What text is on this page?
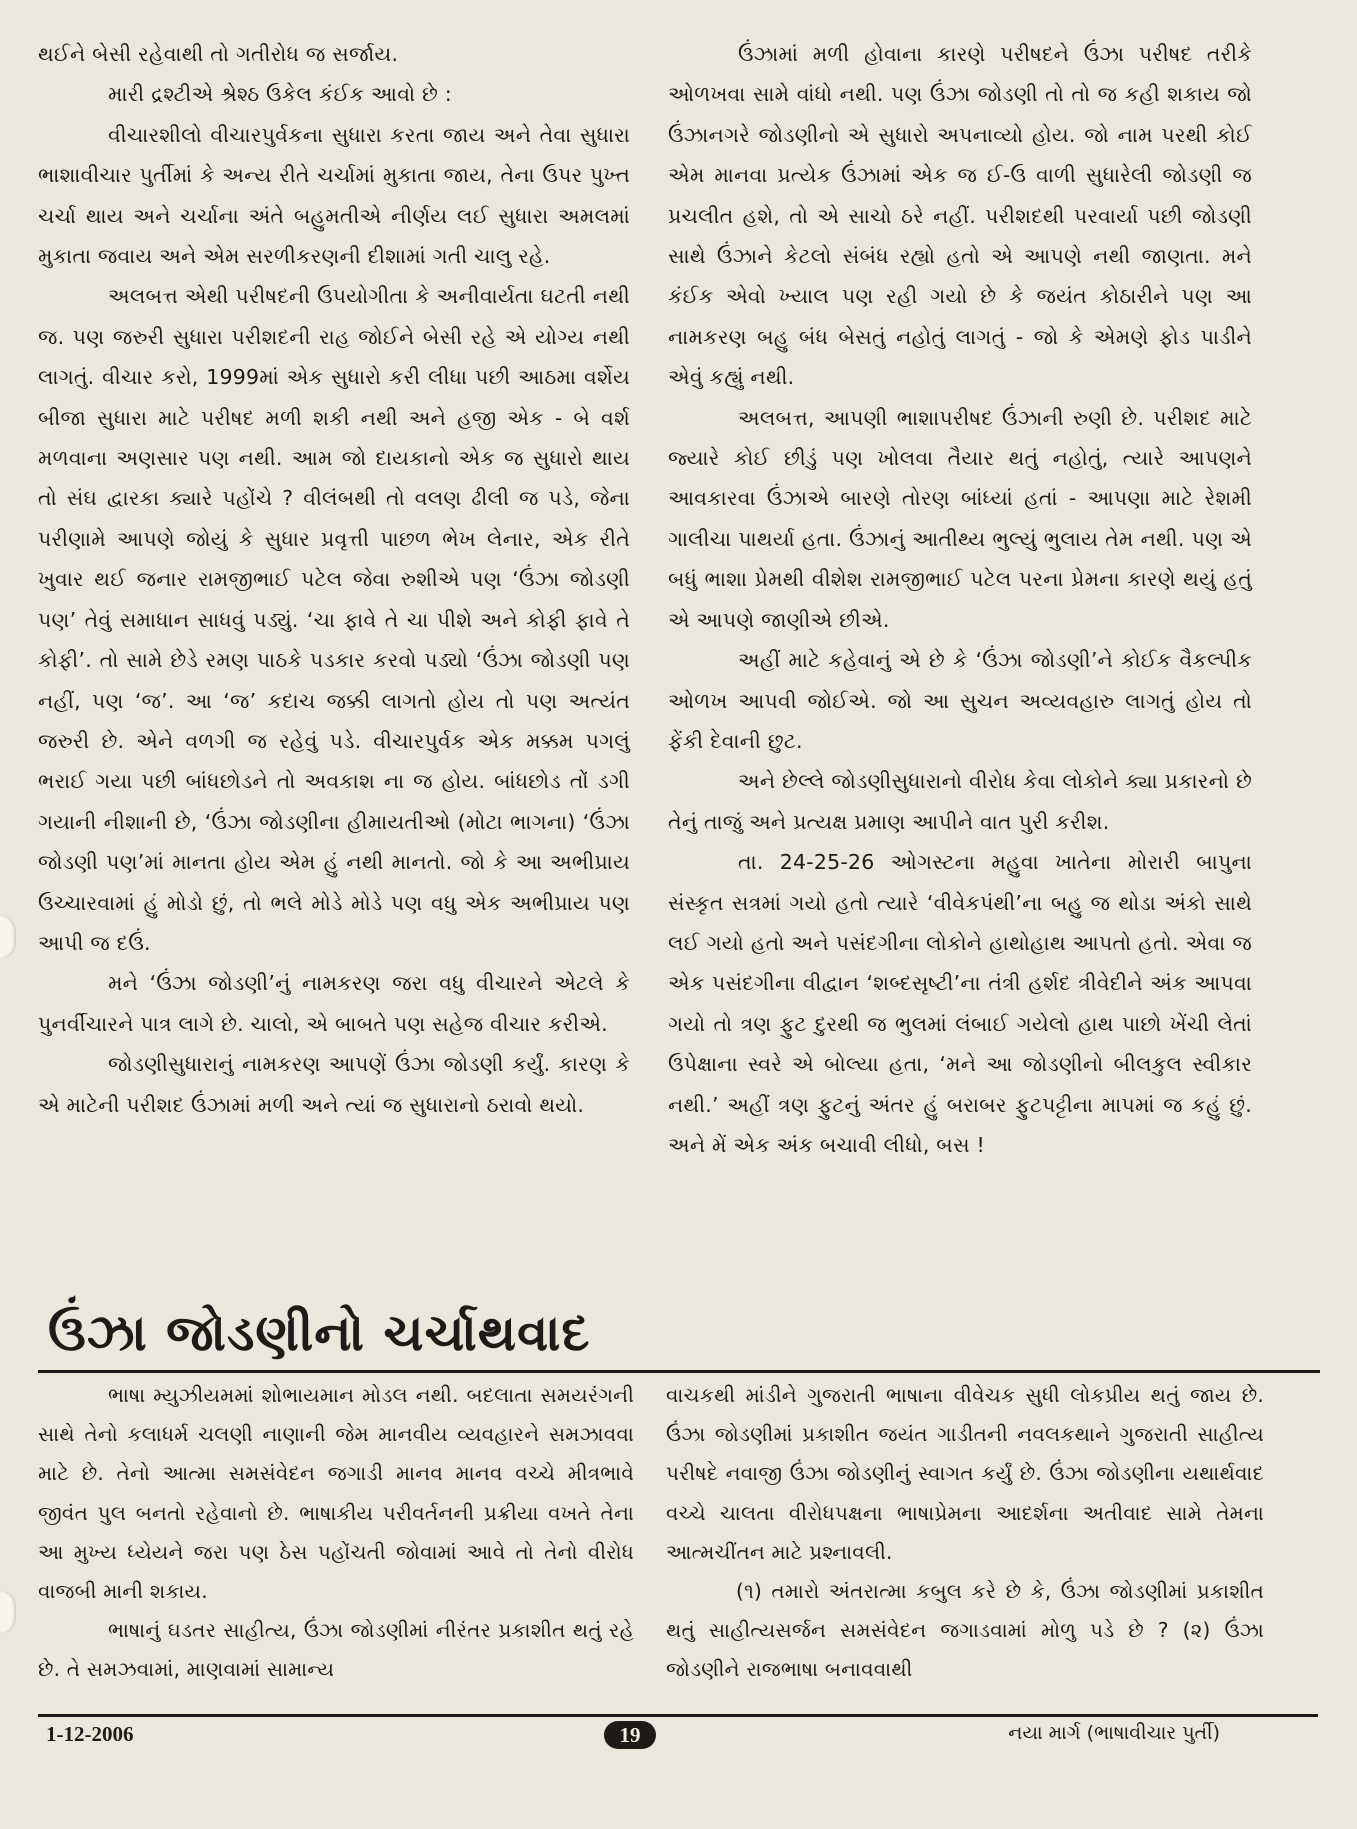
થઈને બેસી રહેવાથી તો ગતીરોધ જ સર્જાય.

મારી દ્રશ્ટીએ શ્રેશ્ઠ ઉકેલ કંઈક આવો છે :

વીચારશીલો વીચારપુર્વકના સુધારા કરતા જાય અને તેવા સુધારા ભાશાવીચાર પુર્તીમાં કે અન્ય રીતે ચર્ચામાં મુકાતા જાય, તેના ઉપર પુખ્ત ચર્ચા થાય અને ચર્ચાના અંતે બહુમતીએ નીર્ણય લઈ સુધારા અમલમાં મુકાતા જવાય અને એમ સરળીકરણની દીશામાં ગતી ચાલુ રહે.

અલબત્ત એથી પરીષદની ઉપયોગીતા કે અનીવાર્યતા ઘટતી નથી જ. પણ જરુરી સુધારા પરીશદની રાહ જોઈને બેસી રહે એ યોગ્ય નથી લાગતું. વીચાર કરો, 1999માં એક સુધારો કરી લીધા પછી આઠમા વર્શેય બીજા સુધારા માટે પરીષદ મળી શકી નથી અને હજી એક - બે વર્શ મળવાના અણસાર પણ નથી. આમ જો દાયકાનો એક જ સુધારો થાય તો સંઘ દ્વારકા ક્યારે પહોંચે ? વીલંબથી તો વલણ ઢીલી જ પડે, જેના પરીણામે આપણે જોયું કે સુધાર પ્રવૃત્તી પાછળ ભેખ લેનાર, એક રીતે ખુવાર થઈ જનાર રામજીભાઈ પટેલ જેવા રુશીએ પણ ‘ઉંઝા જોડણી પણ’ તેવું સમાધાન સાધવું પડ્યું. ‘ચા ફાવે તે ચા પીશે અને કોફી ફાવે તે કોફી’. તો સામે છેડે રમણ પાઠકે પડકાર કરવો પડ્યો ‘ઉંઝા જોડણી પણ નહીં, પણ ‘જ’. આ ‘જ’ કદાચ જક્કી લાગતો હોય તો પણ અત્યંત જરુરી છે. એને વળગી જ રહેવું પડે. વીચારપુર્વક એક મક્કમ પગલું ભરાઈ ગયા પછી બાંધછોડને તો અવકાશ ના જ હોય. બાંધછોડ તોં ડગી ગયાની નીશાની છે, ‘ઉંઝા જોડણીના હીમાયતીઓ (મોટા ભાગના) ‘ઉંઝા જોડણી પણ’માં માનતા હોય એમ હું નથી માનતો. જો કે આ અભીપ્રાય ઉચ્ચારવામાં હું મોડો છું, તો ભલે મોડે મોડે પણ વધુ એક અભીપ્રાય પણ આપી જ દઉં.

મને ‘ઉંઝા જોડણી’નું નામકરણ જરા વધુ વીચારને એટલે કે પુનર્વીચારને પાત્ર લાગે છે. ચાલો, એ બાબતે પણ સહેજ વીચાર કરીએ.

જોડણીસુધારાનું નામકરણ આપણેં ઉંઝા જોડણી કર્યું. કારણ કે એ માટેની પરીશદ ઉંઝામાં મળી અને ત્યાં જ સુધારાનો ઠરાવો થયો.

ઉંઝામાં મળી હોવાના કારણે પરીષદને ઉંઝા પરીષદ તરીકે ઓળખવા સામે વાંધો નથી. પણ ઉંઝા જોડણી તો તો જ કહી શકાય જો ઉંઝાનગરે જોડણીનો એ સુધારો અપનાવ્યો હોય. જો નામ પરથી કોઈ એમ માનવા પ્રત્યેક ઉંઝામાં એક જ ઈ-ઉ વાળી સુધારેલી જોડણી જ પ્રચલીત હશે, તો એ સાચો ઠરે નહીં. પરીશદથી પરવાર્યા પછી જોડણી સાથે ઉંઝાને કેટલો સંબંધ રહ્યો હતો એ આપણે નથી જાણતા. મને કંઈક એવો ખ્યાલ પણ રહી ગયો છે કે જયંત કોઠારીને પણ આ નામકરણ બહુ બંધ બેસતું નહોતું લાગતું - જો કે એમણે ફોડ પાડીને એવું કહ્યું નથી.

અલબત્ત, આપણી ભાશાપરીષદ ઉંઝાની રુણી છે. પરીશદ માટે જ્યારે કોઈ છીડું પણ ખોલવા તૈયાર થતું નહોતું, ત્યારે આપણને આવકારવા ઉંઝાએ બારણે તોરણ બાંધ્યાં હતાં - આપણા માટે રેશમી ગાલીચા પાથર્યા હતા. ઉંઝાનું આતીથ્ય ભુલ્યું ભુલાય તેમ નથી. પણ એ બધું ભાશા પ્રેમથી વીશેશ રામજીભાઈ પટેલ પરના પ્રેમના કારણે થયું હતું એ આપણે જાણીએ છીએ.

અહીં માટે કહેવાનું એ છે કે ‘ઉંઝા જોડણી’ને કોઈક વૈકલ્પીક ઓળખ આપવી જોઈએ. જો આ સુચન અવ્યવહારુ લાગતું હોય તો ફેંકી દેવાની છુટ.

અને છેલ્લે જોડણીસુધારાનો વીરોધ કેવા લોકોને ક્યા પ્રકારનો છે તેનું તાજું અને પ્રત્યક્ષ પ્રમાણ આપીને વાત પુરી કરીશ.

તા. 24-25-26 ઓગસ્ટના મહુવા ખાતેના મોરારી બાપુના સંસ્કૃત સત્રમાં ગયો હતો ત્યારે ‘વીવેકપંથી’ના બહુ જ થોડા અંકો સાથે લઈ ગયો હતો અને પસંદગીના લોકોને હાથોહાથ આપતો હતો. એવા જ એક પસંદગીના વીદ્વાન ‘શબ્દસૃષ્ટી’ના તંત્રી હર્શદ ત્રીવેદીને અંક આપવા ગયો તો ત્રણ ફુટ દુરથી જ ભુલમાં લંબાઈ ગયેલો હાથ પાછો ખેંચી લેતાં ઉપેક્ષાના સ્વરે એ બોલ્યા હતા, ‘મને આ જોડણીનો બીલકુલ સ્વીકાર નથી.’ અહીં ત્રણ ફુટનું અંતર હું બરાબર ફુટપટ્ટીના માપમાં જ કહું છું. અને મેં એક અંક બચાવી લીધો, બસ !

ઉંઝા જોડણીનો ચર્ચાથવાદ

ભાષા મ્યુઝીયમમાં શોભાયમાન મોડલ નથી. બદલાતા સમયરંગની સાથે તેનો કલાધર્મ ચલણી નાણાની જેમ માનવીય વ્યવહારને સમઝાવવા માટે છે. તેનો આત્મા સમસંવેદન જગાડી માનવ માનવ વચ્ચે મીત્રભાવે જીવંત પુલ બનતો રહેવાનો છે. ભાષાકીય પરીવર્તનની પ્રક્રીયા વખતે તેના આ મુખ્ય ધ્યેયને જરા પણ ઠેસ પહોંચતી જોવામાં આવે તો તેનો વીરોધ વાજબી માની શકાય.

ભાષાનું ઘડતર સાહીત્ય, ઉંઝા જોડણીમાં નીરંતર પ્રકાશીત થતું રહે છે. તે સમઝવામાં, માણવામાં સામાન્ય

વાચકથી માંડીને ગુજરાતી ભાષાના વીવેચક સુધી લોકપ્રીય થતું જાય છે. ઉંઝા જોડણીમાં પ્રકાશીત જયંત ગાડીતની નવલકથાને ગુજરાતી સાહીત્ય પરીષદે નવાજી ઉંઝા જોડણીનું સ્વાગત કર્યું છે. ઉંઝા જોડણીના યથાર્થવાદ વચ્ચે ચાલતા વીરોધપક્ષના ભાષાપ્રેમના આદર્શના અતીવાદ સામે તેમના આત્મચીંતન માટે પ્રશ્નાવલી.

(૧) તમારો અંતરાત્મા કબુલ કરે છે કે, ઉંઝા જોડણીમાં પ્રકાશીત થતું સાહીત્યસર્જન સમસંવેદન જગાડવામાં મોળુ પડે છે ? (૨) ઉંઝા જોડણીને રાજભાષા બનાવવાથી

1-12-2006	19	નયા માર્ગ (ભાષાવીચાર પુર્તી)
